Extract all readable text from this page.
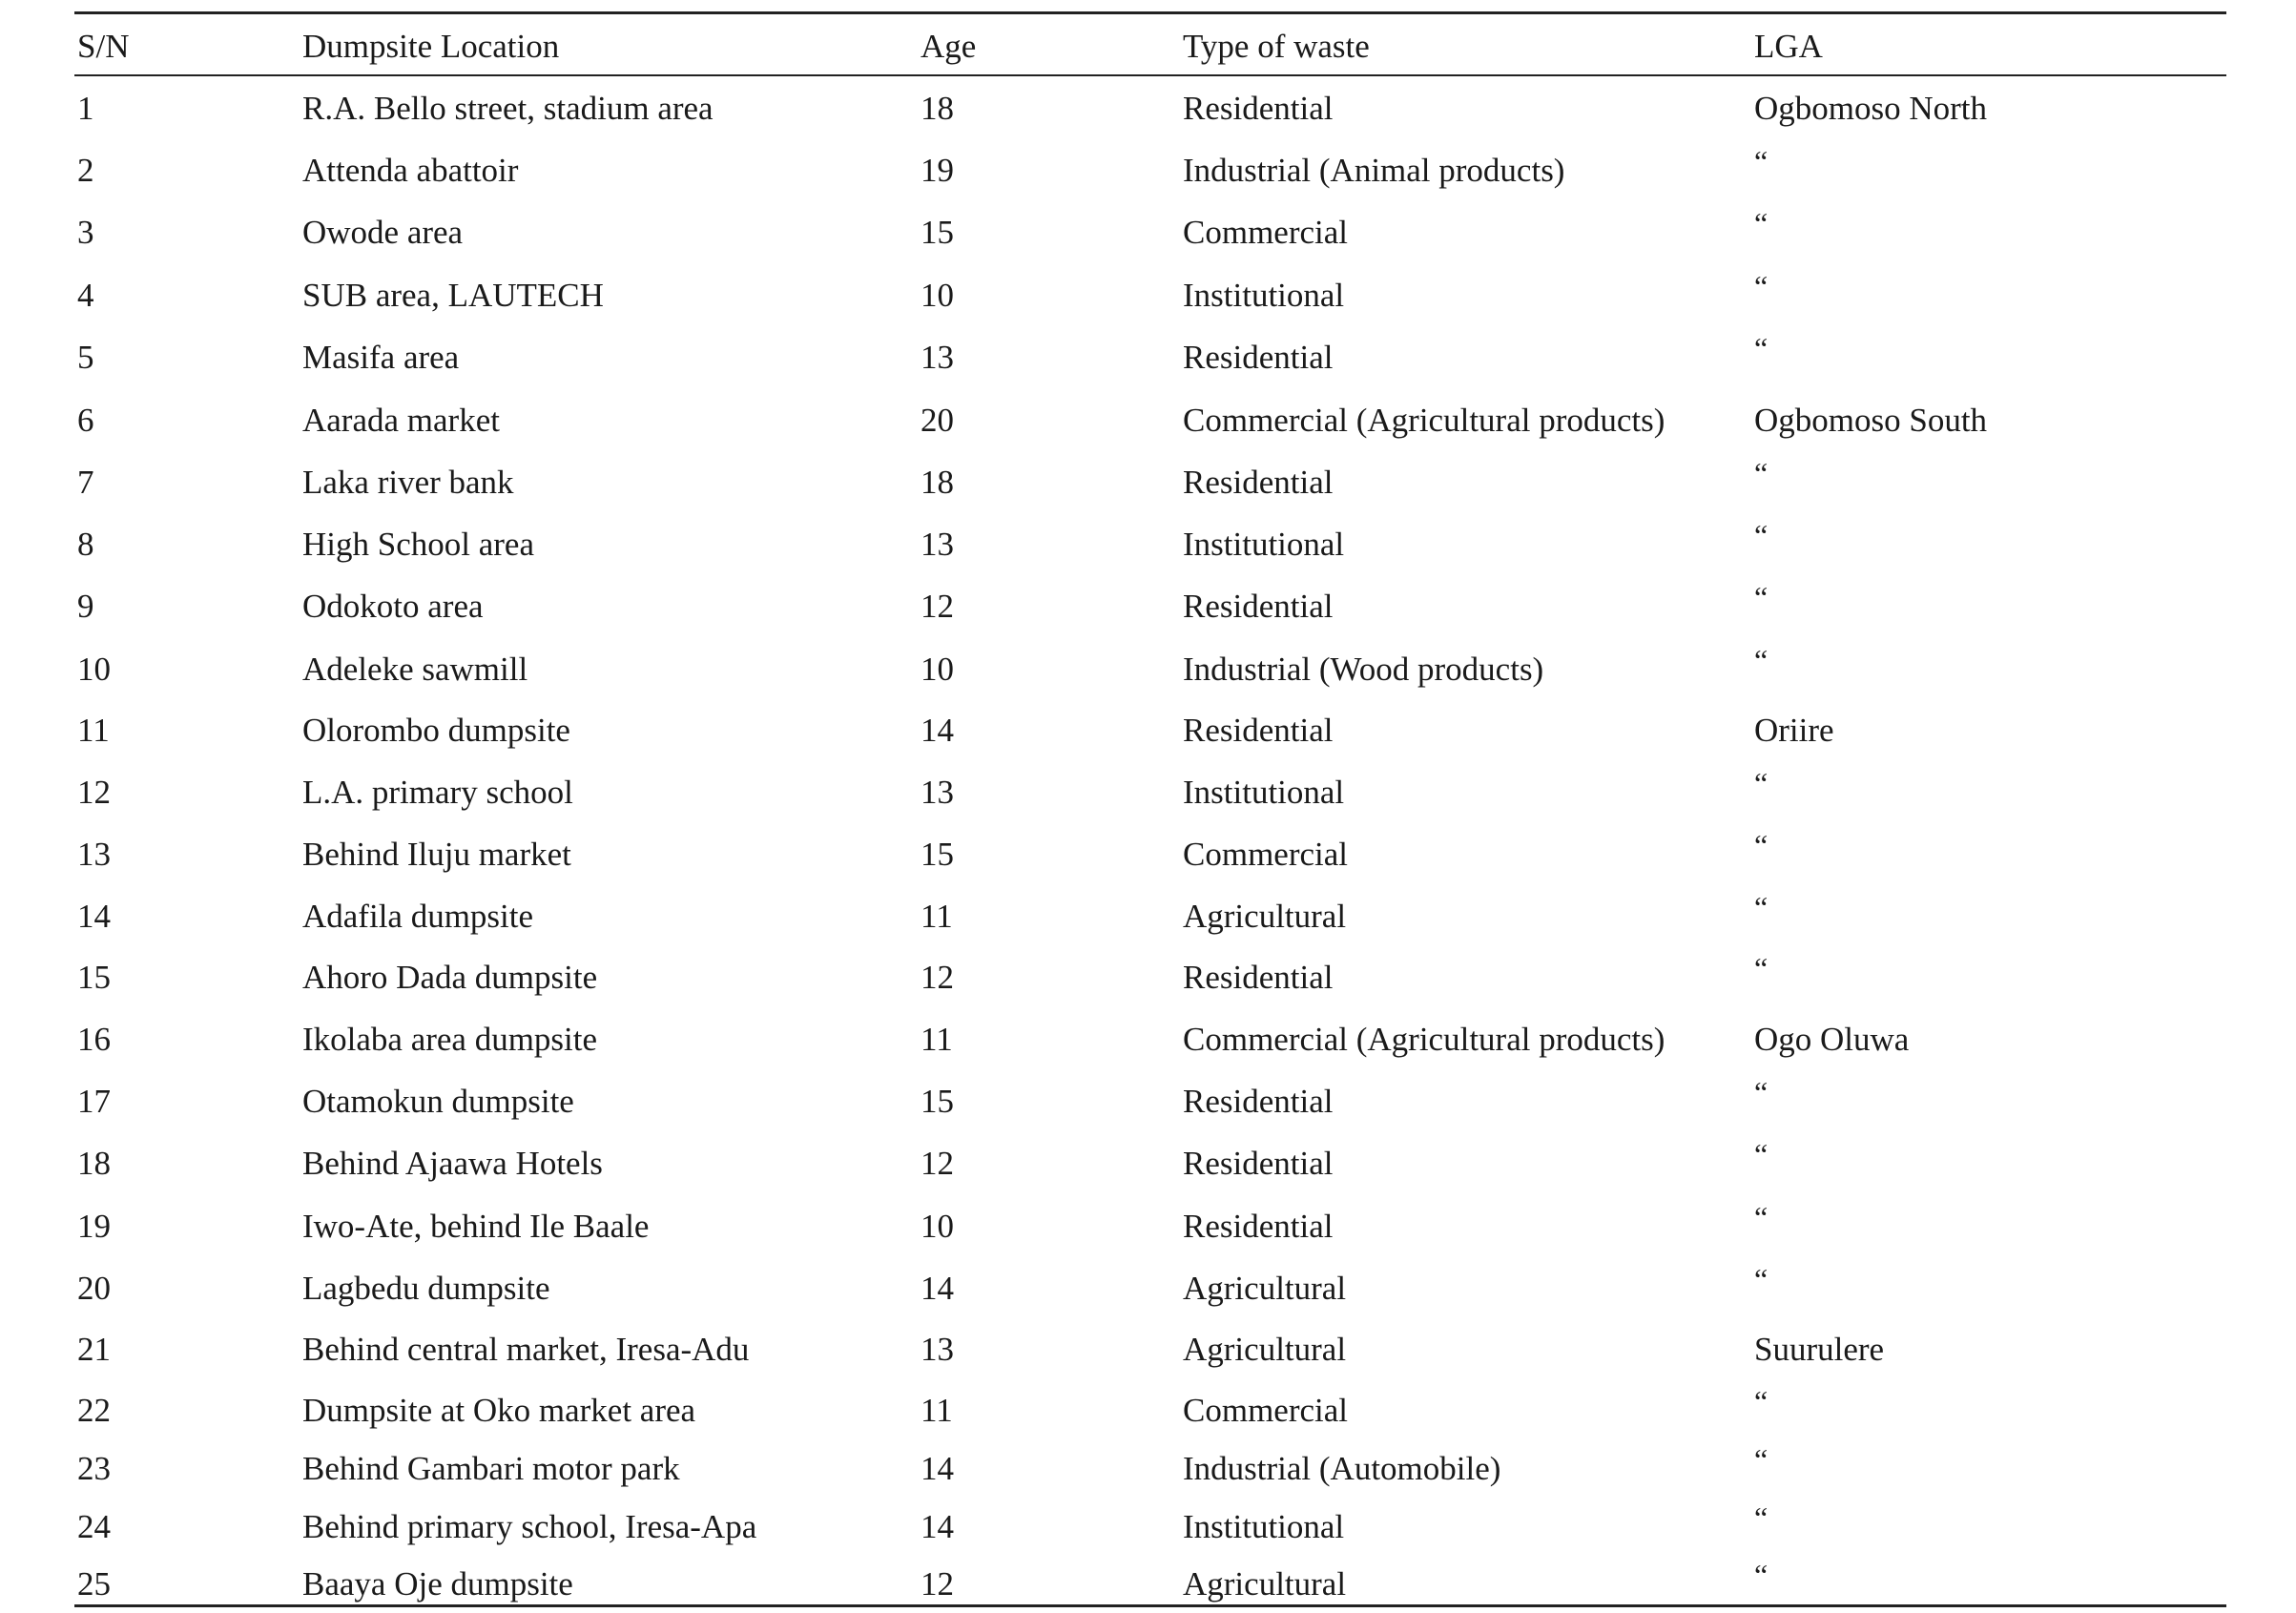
S/N	Dumpsite Location	Age	Type of waste	LGA
1	R.A. Bello street, stadium area	18	Residential	Ogbomoso North
2	Attenda abattoir	19	Industrial (Animal products)	“
3	Owode area	15	Commercial	“
4	SUB area, LAUTECH	10	Institutional	“
5	Masifa area	13	Residential	“
6	Aarada market	20	Commercial (Agricultural products)	Ogbomoso South
7	Laka river bank	18	Residential	“
8	High School area	13	Institutional	“
9	Odokoto area	12	Residential	“
10	Adeleke sawmill	10	Industrial (Wood products)	“
11	Olorombo dumpsite	14	Residential	Oriire
12	L.A. primary school	13	Institutional	“
13	Behind Iluju market	15	Commercial	“
14	Adafila dumpsite	11	Agricultural	“
15	Ahoro Dada dumpsite	12	Residential	“
16	Ikolaba area dumpsite	11	Commercial (Agricultural products)	Ogo Oluwa
17	Otamokun dumpsite	15	Residential	“
18	Behind Ajaawa Hotels	12	Residential	“
19	Iwo-Ate, behind Ile Baale	10	Residential	“
20	Lagbedu dumpsite	14	Agricultural	“
21	Behind central market, Iresa-Adu	13	Agricultural	Suurulere
22	Dumpsite at Oko market area	11	Commercial	“
23	Behind Gambari motor park	14	Industrial (Automobile)	“
24	Behind primary school, Iresa-Apa	14	Institutional	“
25	Baaya Oje dumpsite	12	Agricultural	“
